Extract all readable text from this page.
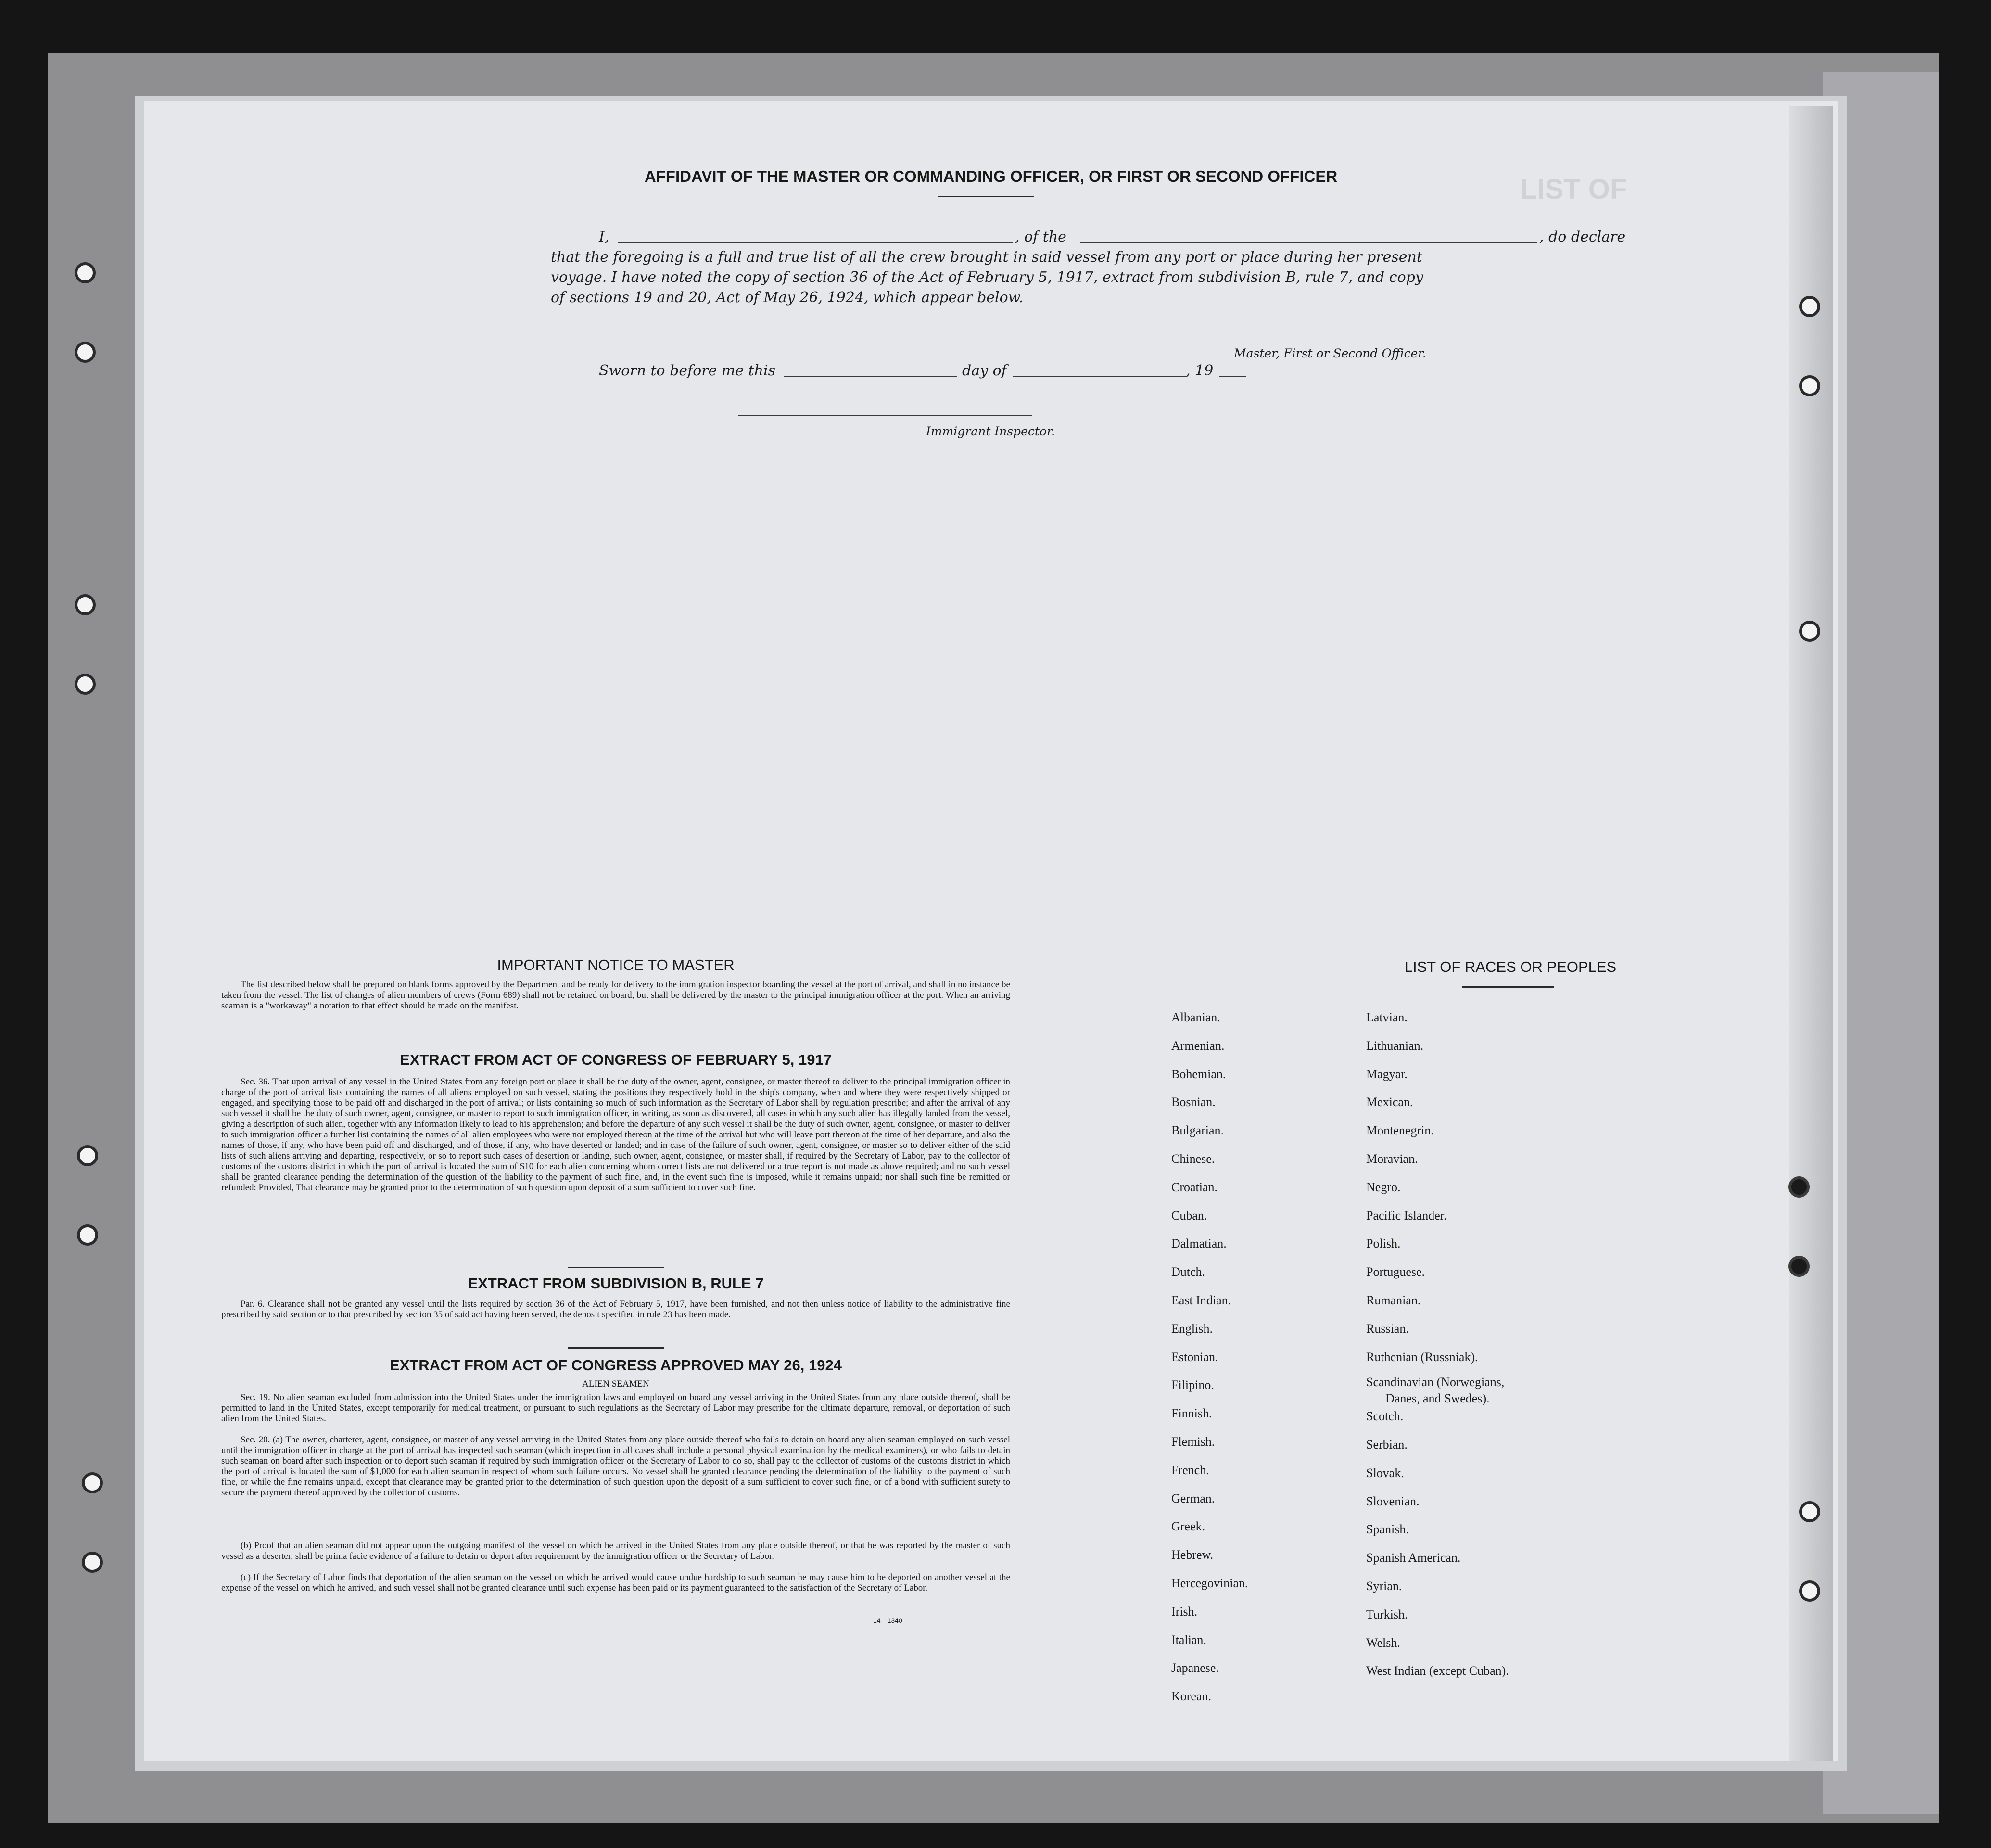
LIST OF
AFFIDAVIT OF THE MASTER OR COMMANDING OFFICER, OR FIRST OR SECOND OFFICER
I,	, of the	, do declare
that the foregoing is a full and true list of all the crew brought in said vessel from any port or place during her present
voyage. I have noted the copy of section 36 of the Act of February 5, 1917, extract from subdivision B, rule 7, and copy
of sections 19 and 20, Act of May 26, 1924, which appear below.
Master, First or Second Officer.
Sworn to before me this	day of	, 19
Immigrant Inspector.
IMPORTANT NOTICE TO MASTER
The list described below shall be prepared on blank forms approved by the Department and be ready for delivery to the immigration inspector boarding the vessel at the port of arrival, and shall in no instance be taken from the vessel. The list of changes of alien members of crews (Form 689) shall not be retained on board, but shall be delivered by the master to the principal immigration officer at the port. When an arriving seaman is a "workaway" a notation to that effect should be made on the manifest.
EXTRACT FROM ACT OF CONGRESS OF FEBRUARY 5, 1917
Sec. 36. That upon arrival of any vessel in the United States from any foreign port or place it shall be the duty of the owner, agent, consignee, or master thereof to deliver to the principal immigration officer in charge of the port of arrival lists containing the names of all aliens employed on such vessel, stating the positions they respectively hold in the ship's company, when and where they were respectively shipped or engaged, and specifying those to be paid off and discharged in the port of arrival; or lists containing so much of such information as the Secretary of Labor shall by regulation prescribe; and after the arrival of any such vessel it shall be the duty of such owner, agent, consignee, or master to report to such immigration officer, in writing, as soon as discovered, all cases in which any such alien has illegally landed from the vessel, giving a description of such alien, together with any information likely to lead to his apprehension; and before the departure of any such vessel it shall be the duty of such owner, agent, consignee, or master to deliver to such immigration officer a further list containing the names of all alien employees who were not employed thereon at the time of the arrival but who will leave port thereon at the time of her departure, and also the names of those, if any, who have been paid off and discharged, and of those, if any, who have deserted or landed; and in case of the failure of such owner, agent, consignee, or master so to deliver either of the said lists of such aliens arriving and departing, respectively, or so to report such cases of desertion or landing, such owner, agent, consignee, or master shall, if required by the Secretary of Labor, pay to the collector of customs of the customs district in which the port of arrival is located the sum of $10 for each alien concerning whom correct lists are not delivered or a true report is not made as above required; and no such vessel shall be granted clearance pending the determination of the question of the liability to the payment of such fine, and, in the event such fine is imposed, while it remains unpaid; nor shall such fine be remitted or refunded: Provided, That clearance may be granted prior to the determination of such question upon deposit of a sum sufficient to cover such fine.
EXTRACT FROM SUBDIVISION B, RULE 7
Par. 6. Clearance shall not be granted any vessel until the lists required by section 36 of the Act of February 5, 1917, have been furnished, and not then unless notice of liability to the administrative fine prescribed by said section or to that prescribed by section 35 of said act having been served, the deposit specified in rule 23 has been made.
EXTRACT FROM ACT OF CONGRESS APPROVED MAY 26, 1924
ALIEN SEAMEN
Sec. 19. No alien seaman excluded from admission into the United States under the immigration laws and employed on board any vessel arriving in the United States from any place outside thereof, shall be permitted to land in the United States, except temporarily for medical treatment, or pursuant to such regulations as the Secretary of Labor may prescribe for the ultimate departure, removal, or deportation of such alien from the United States.
Sec. 20. (a) The owner, charterer, agent, consignee, or master of any vessel arriving in the United States from any place outside thereof who fails to detain on board any alien seaman employed on such vessel until the immigration officer in charge at the port of arrival has inspected such seaman (which inspection in all cases shall include a personal physical examination by the medical examiners), or who fails to detain such seaman on board after such inspection or to deport such seaman if required by such immigration officer or the Secretary of Labor to do so, shall pay to the collector of customs of the customs district in which the port of arrival is located the sum of $1,000 for each alien seaman in respect of whom such failure occurs. No vessel shall be granted clearance pending the determination of the liability to the payment of such fine, or while the fine remains unpaid, except that clearance may be granted prior to the determination of such question upon the deposit of a sum sufficient to cover such fine, or of a bond with sufficient surety to secure the payment thereof approved by the collector of customs.
(b) Proof that an alien seaman did not appear upon the outgoing manifest of the vessel on which he arrived in the United States from any place outside thereof, or that he was reported by the master of such vessel as a deserter, shall be prima facie evidence of a failure to detain or deport after requirement by the immigration officer or the Secretary of Labor.
(c) If the Secretary of Labor finds that deportation of the alien seaman on the vessel on which he arrived would cause undue hardship to such seaman he may cause him to be deported on another vessel at the expense of the vessel on which he arrived, and such vessel shall not be granted clearance until such expense has been paid or its payment guaranteed to the satisfaction of the Secretary of Labor.
14—1340
LIST OF RACES OR PEOPLES
Albanian.
Armenian.
Bohemian.
Bosnian.
Bulgarian.
Chinese.
Croatian.
Cuban.
Dalmatian.
Dutch.
East Indian.
English.
Estonian.
Filipino.
Finnish.
Flemish.
French.
German.
Greek.
Hebrew.
Hercegovinian.
Irish.
Italian.
Japanese.
Korean.
Latvian.
Lithuanian.
Magyar.
Mexican.
Montenegrin.
Moravian.
Negro.
Pacific Islander.
Polish.
Portuguese.
Rumanian.
Russian.
Ruthenian (Russniak).
Scandinavian (Norwegians,
Danes, and Swedes).
Scotch.
Serbian.
Slovak.
Slovenian.
Spanish.
Spanish American.
Syrian.
Turkish.
Welsh.
West Indian (except Cuban).
